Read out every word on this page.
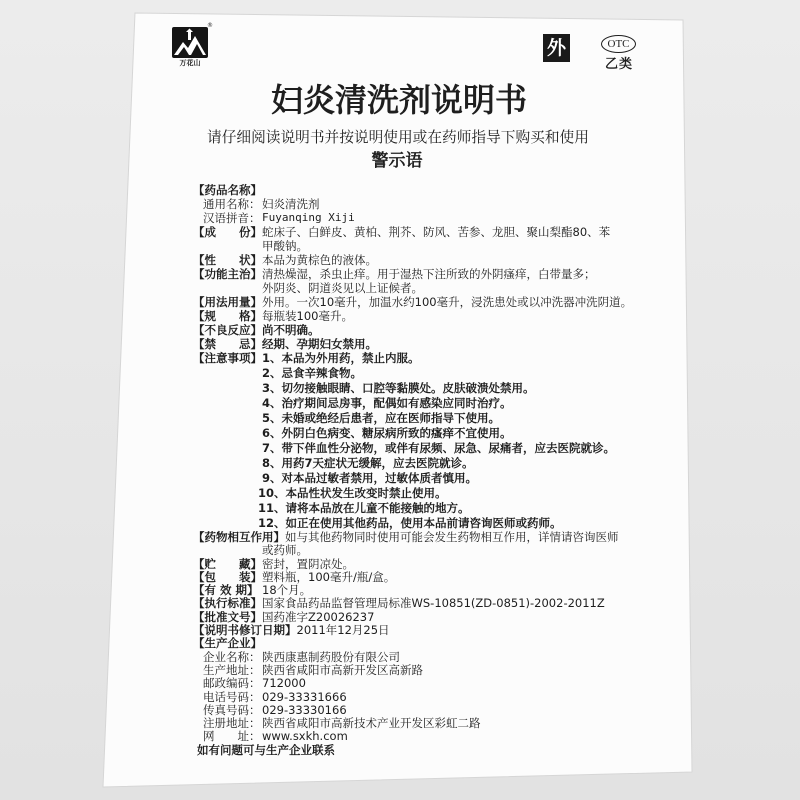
®
万花山
外	OTC
乙类
妇炎清洗剂说明书
请仔细阅读说明书并按说明使用或在药师指导下购买和使用
警示语
【药品名称】
通用名称： 妇炎清洗剂
汉语拼音： Fuyanqing Xiji
【成　　份】 蛇床子、白鲜皮、黄柏、荆芥、防风、苦参、龙胆、聚山梨酯80、苯
甲酸钠。
【性　　状】 本品为黄棕色的液体。
【功能主治】 清热燥湿，杀虫止痒。用于湿热下注所致的外阴瘙痒，白带量多；
外阴炎、阴道炎见以上证候者。
【用法用量】 外用。一次10毫升，加温水约100毫升，浸洗患处或以冲洗器冲洗阴道。
【规　　格】 每瓶装100毫升。
【不良反应】 尚不明确。
【禁　　忌】 经期、孕期妇女禁用。
【注意事项】 1、本品为外用药，禁止内服。
2、忌食辛辣食物。
3、切勿接触眼睛、口腔等黏膜处。皮肤破溃处禁用。
4、治疗期间忌房事，配偶如有感染应同时治疗。
5、未婚或绝经后患者，应在医师指导下使用。
6、外阴白色病变、糖尿病所致的瘙痒不宜使用。
7、带下伴血性分泌物，或伴有尿频、尿急、尿痛者，应去医院就诊。
8、用药7天症状无缓解，应去医院就诊。
9、对本品过敏者禁用，过敏体质者慎用。
10、本品性状发生改变时禁止使用。
11、请将本品放在儿童不能接触的地方。
12、如正在使用其他药品，使用本品前请咨询医师或药师。
【药物相互作用】 如与其他药物同时使用可能会发生药物相互作用，详情请咨询医师
或药师。
【贮　　藏】 密封，置阴凉处。
【包　　装】 塑料瓶，100毫升/瓶/盒。
【有 效 期】 18个月。
【执行标准】 国家食品药品监督管理局标准WS-10851(ZD-0851)-2002-2011Z
【批准文号】 国药准字Z20026237
【说明书修订日期】 2011年12月25日
【生产企业】
企业名称： 陕西康惠制药股份有限公司
生产地址： 陕西省咸阳市高新开发区高新路
邮政编码： 712000
电话号码： 029-33331666
传真号码： 029-33330166
注册地址： 陕西省咸阳市高新技术产业开发区彩虹二路
网　　址： www.sxkh.com
如有问题可与生产企业联系
